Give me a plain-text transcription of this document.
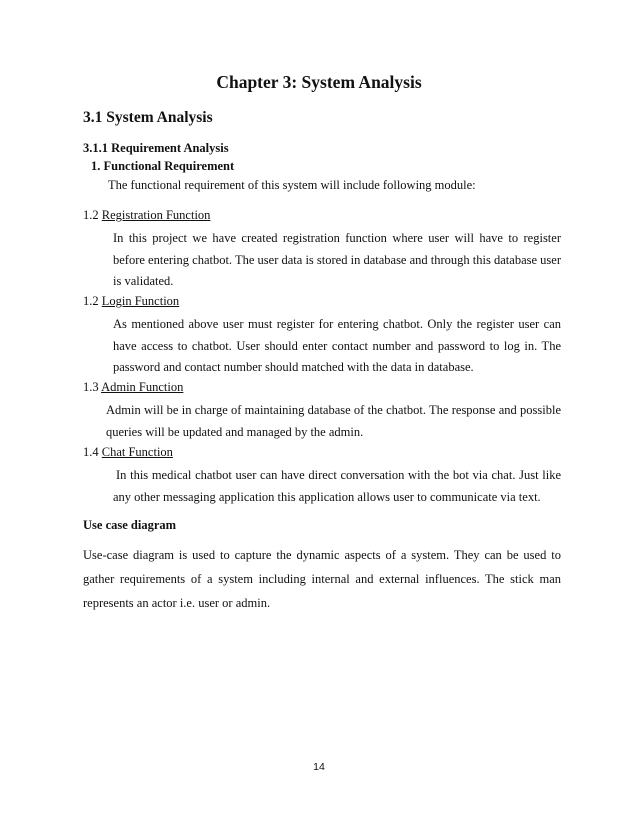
Chapter 3: System Analysis
3.1 System Analysis
3.1.1 Requirement Analysis
1. Functional Requirement
The functional requirement of this system will include following module:
1.2 Registration Function
In this project we have created registration function where user will have to register before entering chatbot. The user data is stored in database and through this database user is validated.
1.2 Login Function
As mentioned above user must register for entering chatbot. Only the register user can have access to chatbot. User should enter contact number and password to log in. The password and contact number should matched with the data in database.
1.3 Admin Function
Admin will be in charge of maintaining database of the chatbot. The response and possible queries will be updated and managed by the admin.
1.4 Chat Function
In this medical chatbot user can have direct conversation with the bot via chat. Just like any other messaging application this application allows user to communicate via text.
Use case diagram
Use-case diagram is used to capture the dynamic aspects of a system. They can be used to gather requirements of a system including internal and external influences. The stick man represents an actor i.e. user or admin.
14
